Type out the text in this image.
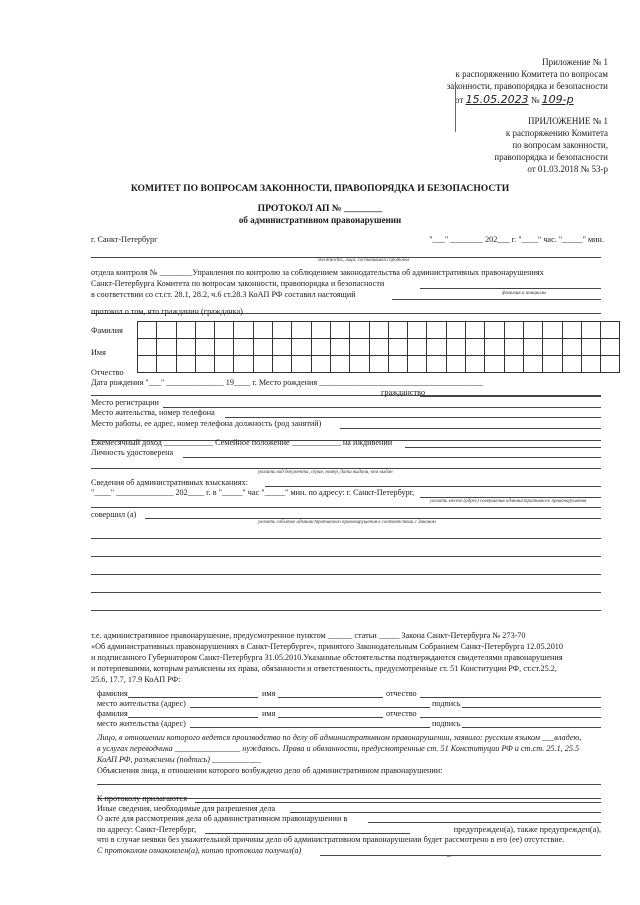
Приложение № 1
к распоряжению Комитета по вопросам
законности, правопорядка и безопасности
от 15.05.2023 № 109-р
ПРИЛОЖЕНИЕ № 1
к распоряжению Комитета
по вопросам законности,
правопорядка и безопасности
от 01.03.2018 № 53-р
КОМИТЕТ ПО ВОПРОСАМ ЗАКОННОСТИ, ПРАВОПОРЯДКА И БЕЗОПАСНОСТИ
ПРОТОКОЛ АП № ________
об административном правонарушении
г. Санкт-Петербург	"___" ________ 202___ г. "____" час. "_____" мин.
должность, лица, составившего протокол
отдела контроля № ________Управления по контролю за соблюдением законодательства об административных правонарушениях
Санкт-Петербурга Комитета по вопросам законности, правопорядка и безопасности
в соответствии со ст.ст. 28.1, 28.2, ч.6 ст.28.3 КоАП РФ составил настоящий	фамилия и инициалы
протокол о том, что гражданин (гражданка)
Фамилия
Имя
Отчество

Дата рождения "___" ______________ 19____ г. Место рождения ________________________________________
гражданство
Место регистрации
Место жительства, номер телефона
Место работы, ее адрес, номер телефона должность (род занятий)
Ежемесячный доход ____________ Семейное положение ____________ на иждивении
Личность удостоверена
указать вид документа, серия, номер, дата выдачи, кем выдан
Сведения об административных взысканиях:
"____" ______________ 202____ г. в "_____" час "_____" мин. по адресу: г. Санкт-Петербург,
указать место (адрес) совершения административного правонарушения
совершил (а)
указать событие административного правонарушения в соответствии с Законом
т.е. административное правонарушение, предусмотренное пунктом ______ статьи _____ Закона Санкт-Петербурга № 273-70
«Об административных правонарушениях в Санкт-Петербурге», принятого Законодательным Собранием Санкт-Петербурга 12.05.2010
и подписанного Губернатором Санкт-Петербурга 31.05.2010.Указанные обстоятельства подтверждаются свидетелями правонарушения
и потерпевшими, которым разъяснены их права, обязанности и ответственность, предусмотренные ст. 51 Конституции РФ, ст.ст.25.2,
25.6, 17.7, 17.9 КоАП РФ:
фамилия	имя	отчество
место жительства (адрес)	подпись
фамилия	имя	отчество
место жительства (адрес)	подпись
Лицо, в отношении которого ведется производство по делу об административном правонарушении, заявило: русским языком ___владею,
в услугах переводчика ________________ нуждаюсь. Права и обязанности, предусмотренные ст. 51 Конституции РФ и ст.ст. 25.1, 25.5
КоАП РФ, разъяснены (подпись) ____________
Объяснения лица, в отношении которого возбуждено дело об административном правонарушении:
К протоколу прилагаются
Иные сведения, необходимые для разрешения дела
О акте для рассмотрения дела об административном правонарушении в
по адресу: Санкт-Петербург,	предупрежден(а), также предупрежден(а),
что в случае неявки без уважительной причины дело об административном правонарушении будет рассмотрено в его (ее) отсутствие.
С протоколом ознакомлен(а), копию протокола получил(а)
〜
